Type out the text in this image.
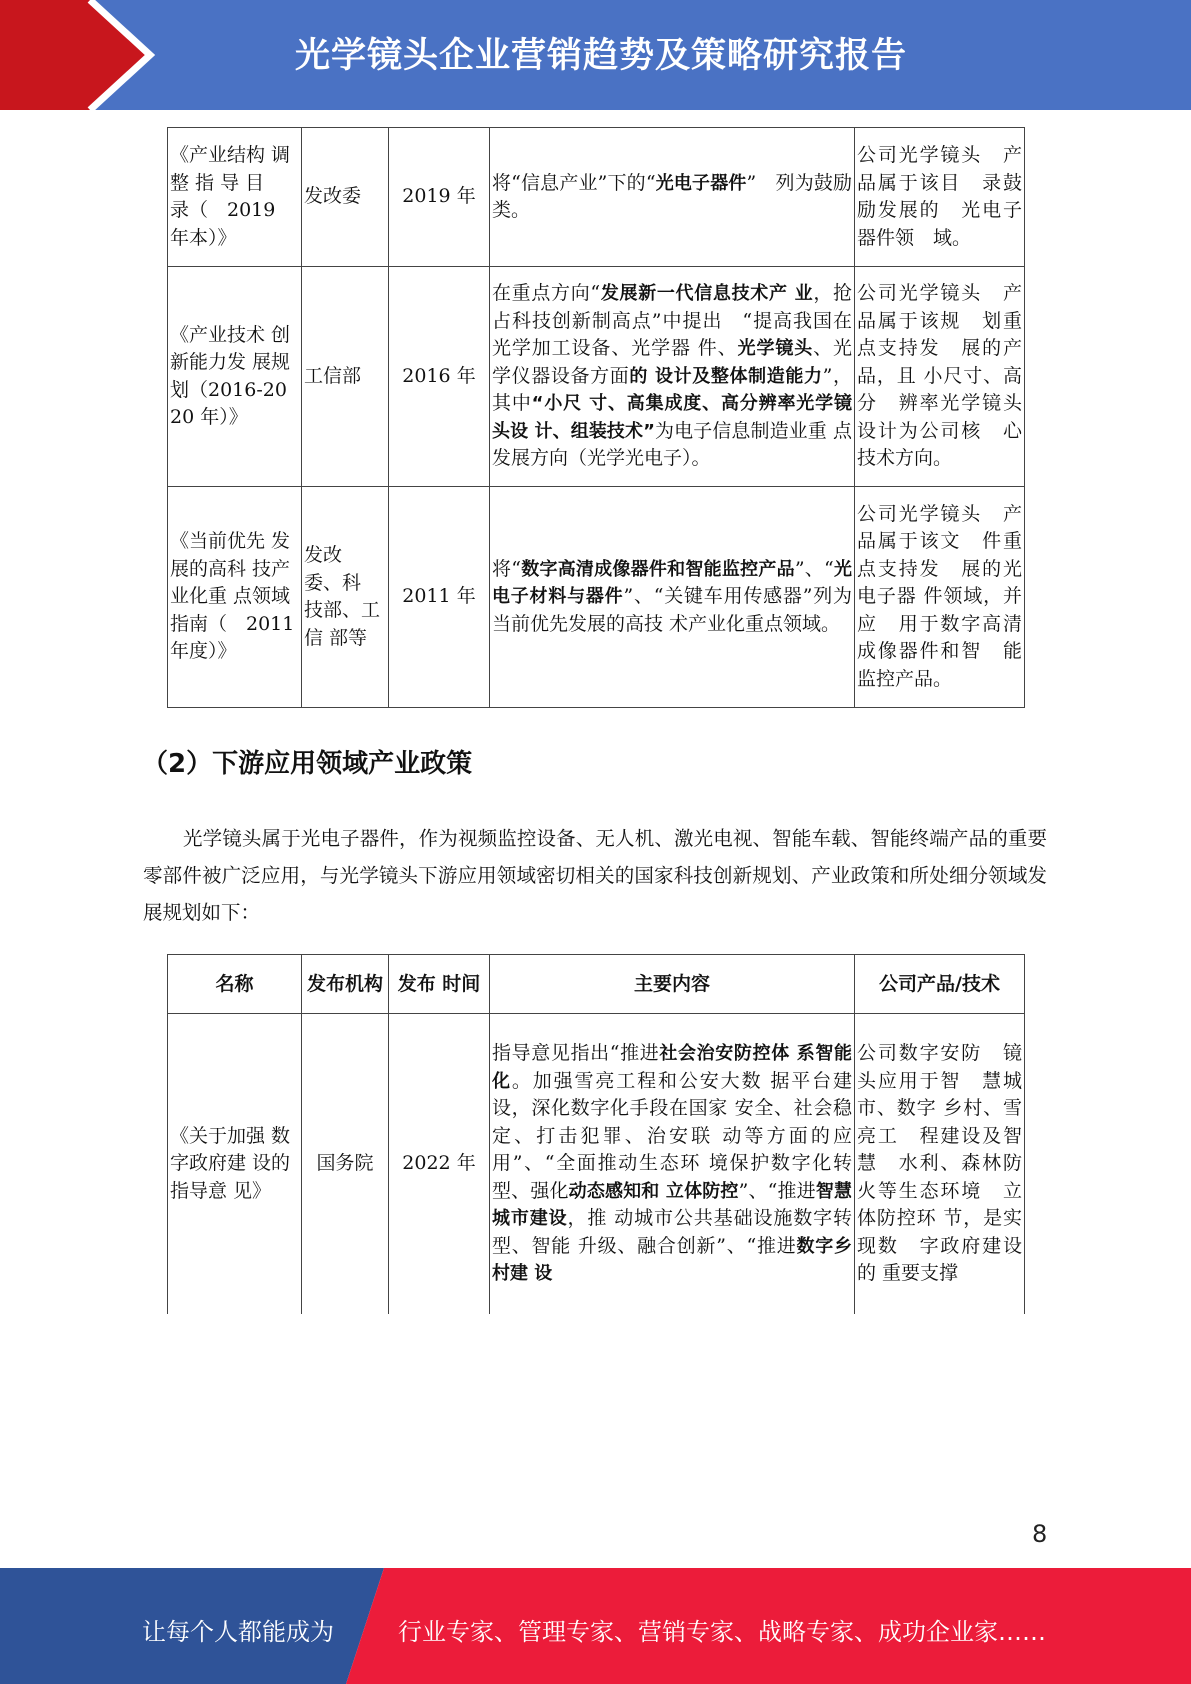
光学镜头企业营销趋势及策略研究报告
《产业结构 调整 指 导 目　录（　2019 年本）》	发改委	2019 年	将“信息产业”下的“光电子器件”　列为鼓励类。	公司光学镜头　产品属于该目　录鼓励发展的　光电子器件领　域。
《产业技术 创新能力发 展规划（2016-2020 年）》	工信部	2016 年	在重点方向“发展新一代信息技术产 业，抢占科技创新制高点”中提出　“提高我国在光学加工设备、光学器 件、光学镜头、光学仪器设备方面的 设计及整体制造能力”，其中“小尺 寸、高集成度、高分辨率光学镜头设 计、组装技术”为电子信息制造业重 点发展方向（光学光电子）。	公司光学镜头　产品属于该规　划重点支持发　展的产品，且 小尺寸、高分　辨率光学镜头设计为公司核　心技术方向。
《当前优先 发展的高科 技产业化重 点领域指南（　2011 年度）》	发改 委、科 技部、工 信 部等	2011 年	将“数字高清成像器件和智能监控产品”、“光电子材料与器件”、“关键车用传感器”列为当前优先发展的高技 术产业化重点领域。	公司光学镜头　产品属于该文　件重点支持发　展的光电子器 件领域，并应　用于数字高清成像器件和智　能监控产品。
（2）下游应用领域产业政策

光学镜头属于光电子器件，作为视频监控设备、无人机、激光电视、智能车载、智能终端产品的重要零部件被广泛应用，与光学镜头下游应用领域密切相关的国家科技创新规划、产业政策和所处细分领域发展规划如下：

名称	发布机构	发布 时间	主要内容	公司产品/技术
《关于加强 数字政府建 设的指导意 见》	国务院	2022 年	指导意见指出“推进社会治安防控体 系智能化。加强雪亮工程和公安大数 据平台建设，深化数字化手段在国家 安全、社会稳定、打击犯罪、治安联 动等方面的应用”、“全面推动生态环 境保护数字化转型、强化动态感知和 立体防控”、“推进智慧城市建设，推 动城市公共基础设施数字转型、智能 升级、融合创新”、“推进数字乡村建 设	公司数字安防　镜头应用于智　慧城市、数字 乡村、雪亮工　程建设及智慧　水利、森林防火等生态环境　立体防控环 节，是实现数　字政府建设的 重要支撑
8
让每个人都能成为	行业专家、管理专家、营销专家、战略专家、成功企业家……
